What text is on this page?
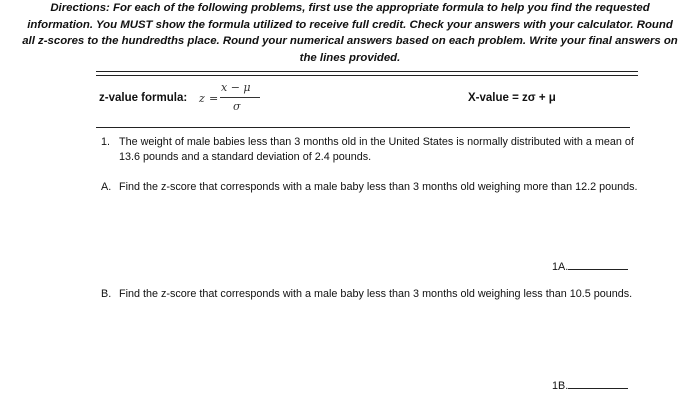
Directions: For each of the following problems, first use the appropriate formula to help you find the requested information. You MUST show the formula utilized to receive full credit. Check your answers with your calculator. Round all z-scores to the hundredths place. Round your numerical answers based on each problem. Write your final answers on the lines provided.

z-value formula: z =
x − μ
σ
X-value = zσ + μ
1. The weight of male babies less than 3 months old in the United States is normally distributed with a mean of 13.6 pounds and a standard deviation of 2.4 pounds.
A. Find the z-score that corresponds with a male baby less than 3 months old weighing more than 12.2 pounds.
1A.
B. Find the z-score that corresponds with a male baby less than 3 months old weighing less than 10.5 pounds.
1B.
